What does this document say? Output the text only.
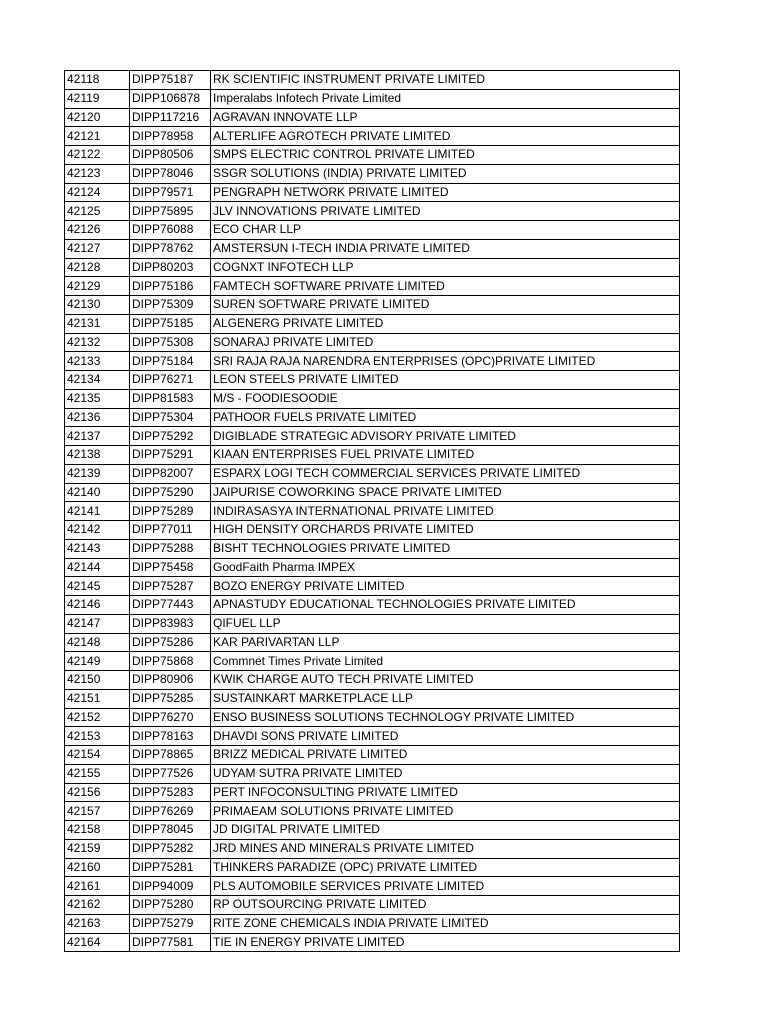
42118	DIPP75187	RK SCIENTIFIC INSTRUMENT PRIVATE LIMITED
42119	DIPP106878	Imperalabs Infotech Private Limited
42120	DIPP117216	AGRAVAN INNOVATE LLP
42121	DIPP78958	ALTERLIFE AGROTECH PRIVATE LIMITED
42122	DIPP80506	SMPS ELECTRIC CONTROL PRIVATE LIMITED
42123	DIPP78046	SSGR SOLUTIONS (INDIA) PRIVATE LIMITED
42124	DIPP79571	PENGRAPH NETWORK PRIVATE LIMITED
42125	DIPP75895	JLV INNOVATIONS PRIVATE LIMITED
42126	DIPP76088	ECO CHAR LLP
42127	DIPP78762	AMSTERSUN I-TECH INDIA PRIVATE LIMITED
42128	DIPP80203	COGNXT INFOTECH LLP
42129	DIPP75186	FAMTECH SOFTWARE PRIVATE LIMITED
42130	DIPP75309	SUREN SOFTWARE PRIVATE LIMITED
42131	DIPP75185	ALGENERG PRIVATE LIMITED
42132	DIPP75308	SONARAJ PRIVATE LIMITED
42133	DIPP75184	SRI RAJA RAJA NARENDRA ENTERPRISES (OPC)PRIVATE LIMITED
42134	DIPP76271	LEON STEELS PRIVATE LIMITED
42135	DIPP81583	M/S - FOODIESOODIE
42136	DIPP75304	PATHOOR FUELS PRIVATE LIMITED
42137	DIPP75292	DIGIBLADE STRATEGIC ADVISORY PRIVATE LIMITED
42138	DIPP75291	KIAAN ENTERPRISES FUEL PRIVATE LIMITED
42139	DIPP82007	ESPARX LOGI TECH COMMERCIAL SERVICES PRIVATE LIMITED
42140	DIPP75290	JAIPURISE COWORKING SPACE PRIVATE LIMITED
42141	DIPP75289	INDIRASASYA INTERNATIONAL PRIVATE LIMITED
42142	DIPP77011	HIGH DENSITY ORCHARDS PRIVATE LIMITED
42143	DIPP75288	BISHT TECHNOLOGIES PRIVATE LIMITED
42144	DIPP75458	GoodFaith Pharma IMPEX
42145	DIPP75287	BOZO ENERGY PRIVATE LIMITED
42146	DIPP77443	APNASTUDY EDUCATIONAL TECHNOLOGIES PRIVATE LIMITED
42147	DIPP83983	QIFUEL LLP
42148	DIPP75286	KAR PARIVARTAN LLP
42149	DIPP75868	Commnet Times Private Limited
42150	DIPP80906	KWIK CHARGE AUTO TECH PRIVATE LIMITED
42151	DIPP75285	SUSTAINKART MARKETPLACE LLP
42152	DIPP76270	ENSO BUSINESS SOLUTIONS TECHNOLOGY PRIVATE LIMITED
42153	DIPP78163	DHAVDI SONS PRIVATE LIMITED
42154	DIPP78865	BRIZZ MEDICAL PRIVATE LIMITED
42155	DIPP77526	UDYAM SUTRA PRIVATE LIMITED
42156	DIPP75283	PERT INFOCONSULTING PRIVATE LIMITED
42157	DIPP76269	PRIMAEAM SOLUTIONS PRIVATE LIMITED
42158	DIPP78045	JD DIGITAL PRIVATE LIMITED
42159	DIPP75282	JRD MINES AND MINERALS PRIVATE LIMITED
42160	DIPP75281	THINKERS PARADIZE (OPC) PRIVATE LIMITED
42161	DIPP94009	PLS AUTOMOBILE SERVICES PRIVATE LIMITED
42162	DIPP75280	RP OUTSOURCING PRIVATE LIMITED
42163	DIPP75279	RITE ZONE CHEMICALS INDIA PRIVATE LIMITED
42164	DIPP77581	TIE IN ENERGY PRIVATE LIMITED
